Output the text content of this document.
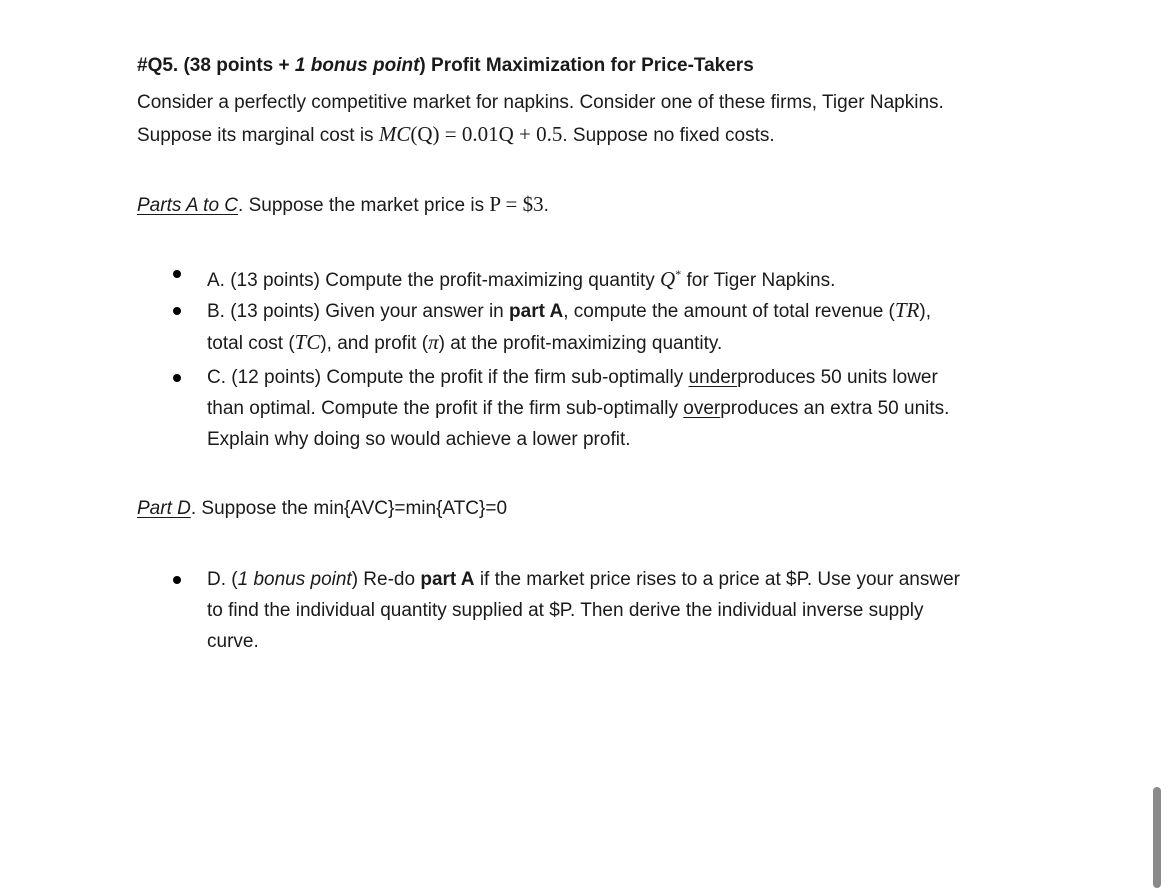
#Q5. (38 points + 1 bonus point) Profit Maximization for Price-Takers
Consider a perfectly competitive market for napkins. Consider one of these firms, Tiger Napkins.
Suppose its marginal cost is MC(Q) = 0.01Q + 0.5. Suppose no fixed costs.
Parts A to C. Suppose the market price is P = $3.
A. (13 points) Compute the profit-maximizing quantity Q* for Tiger Napkins.
B. (13 points) Given your answer in part A, compute the amount of total revenue (TR),
total cost (TC), and profit (π) at the profit-maximizing quantity.
C. (12 points) Compute the profit if the firm sub-optimally underproduces 50 units lower
than optimal. Compute the profit if the firm sub-optimally overproduces an extra 50 units.
Explain why doing so would achieve a lower profit.
Part D. Suppose the min{AVC}=min{ATC}=0
D. (1 bonus point) Re-do part A if the market price rises to a price at $P. Use your answer
to find the individual quantity supplied at $P. Then derive the individual inverse supply
curve.
